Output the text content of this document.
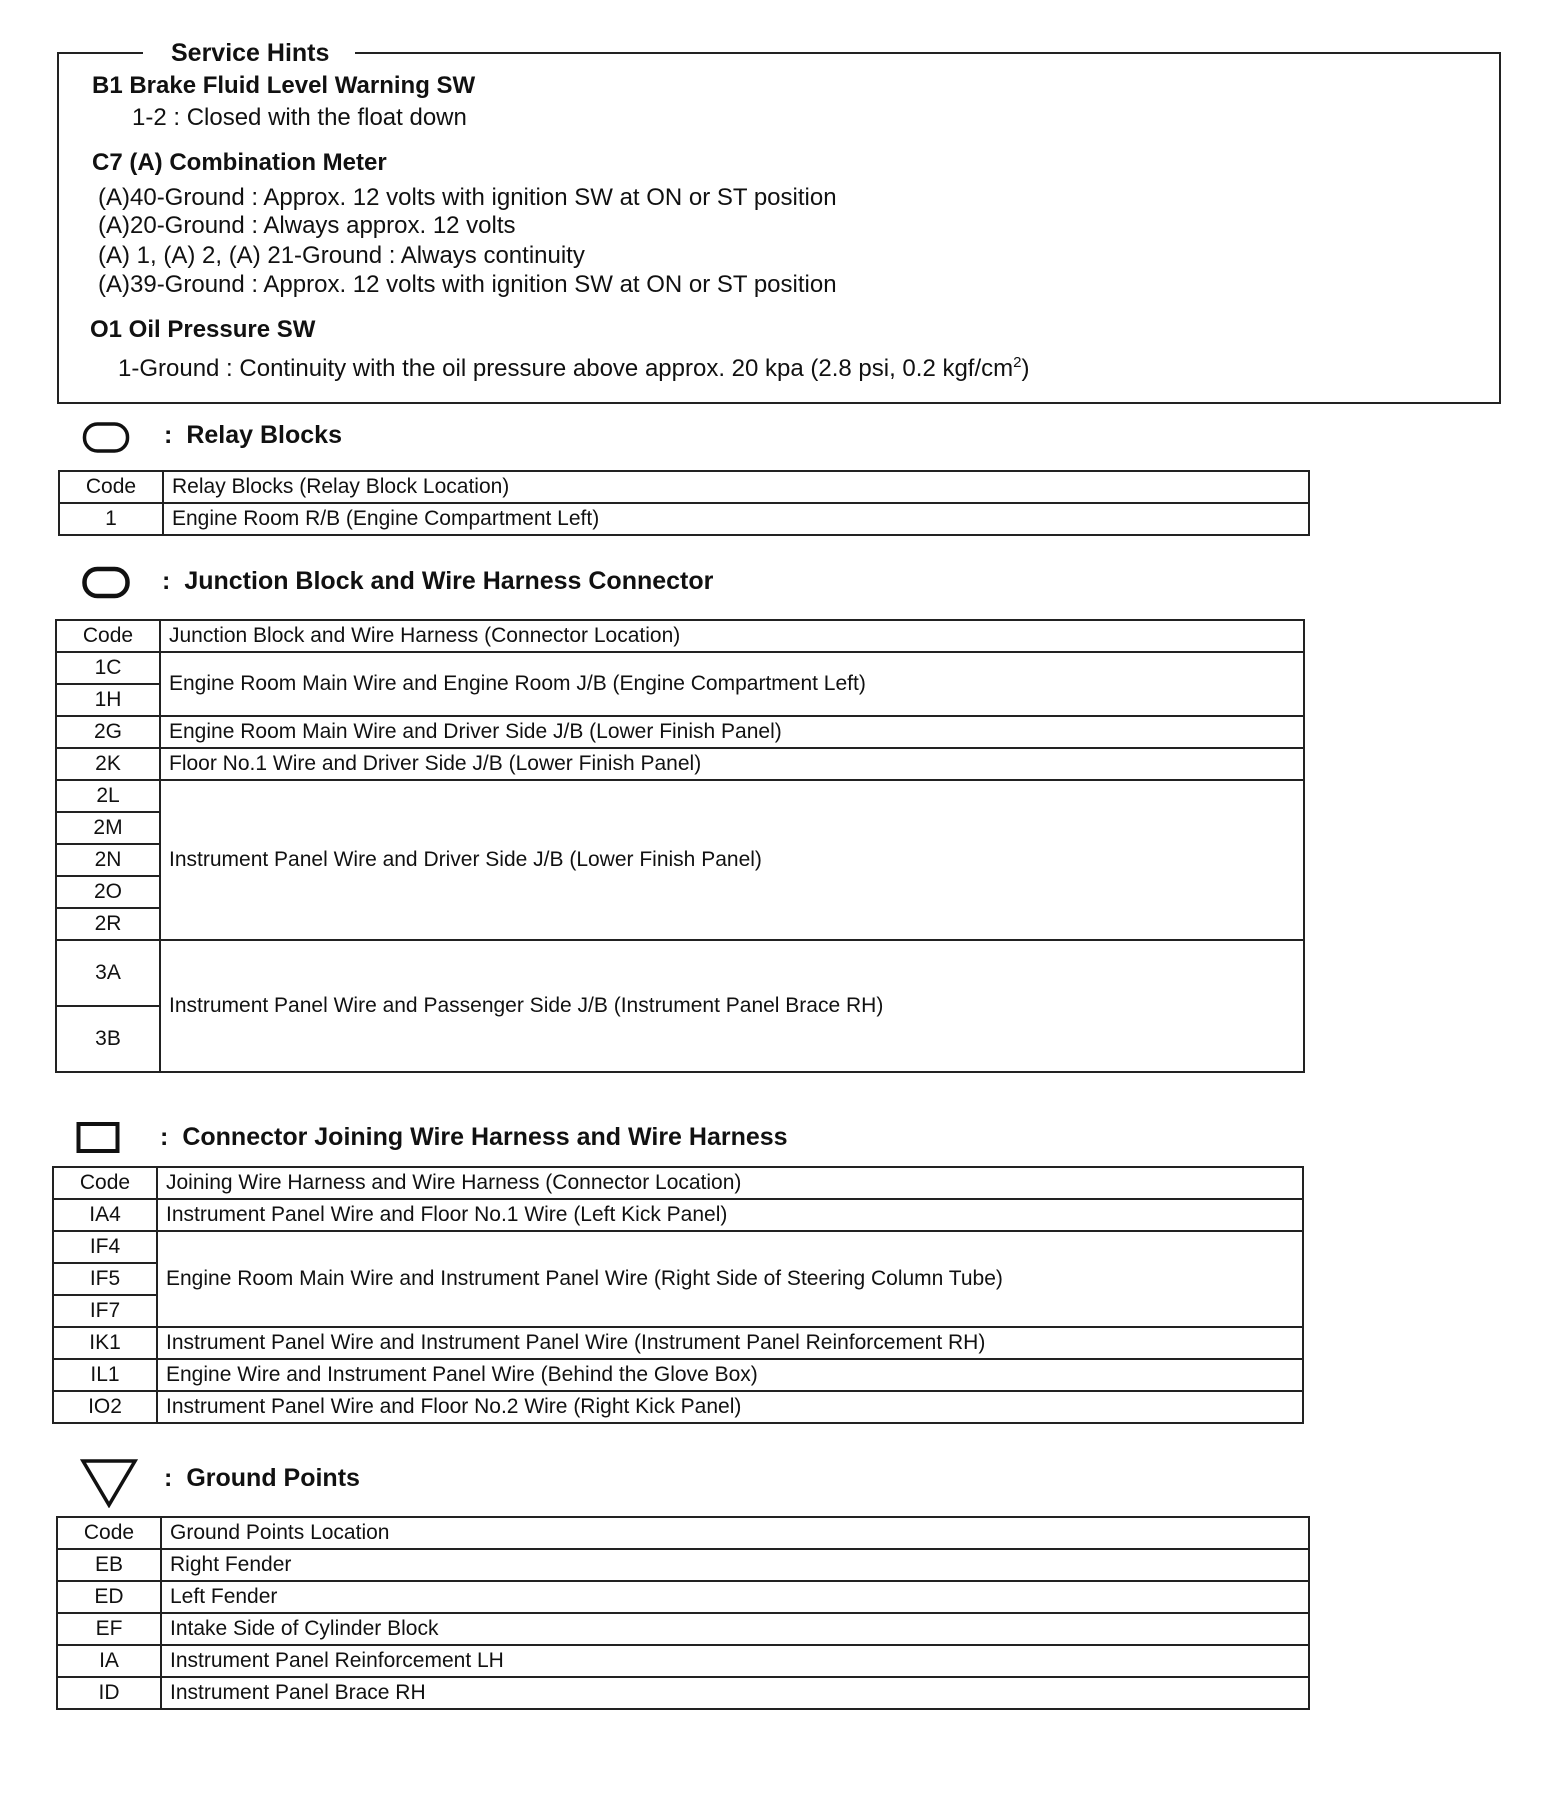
Service Hints
B1 Brake Fluid Level Warning SW
1-2 : Closed with the float down
C7 (A) Combination Meter
(A)40-Ground : Approx. 12 volts with ignition SW at ON or ST position
(A)20-Ground : Always approx. 12 volts
(A) 1, (A) 2, (A) 21-Ground : Always continuity
(A)39-Ground : Approx. 12 volts with ignition SW at ON or ST position
O1 Oil Pressure SW
1-Ground : Continuity with the oil pressure above approx. 20 kpa (2.8 psi, 0.2 kgf/$cm^2$)
: Relay Blocks
Code	Relay Blocks (Relay Block Location)
1	Engine Room R/B (Engine Compartment Left)
: Junction Block and Wire Harness Connector
Code	Junction Block and Wire Harness (Connector Location)
1C	Engine Room Main Wire and Engine Room J/B (Engine Compartment Left)
1H	
2G	Engine Room Main Wire and Driver Side J/B (Lower Finish Panel)
2K	Floor No.1 Wire and Driver Side J/B (Lower Finish Panel)
2L	Instrument Panel Wire and Driver Side J/B (Lower Finish Panel)
2M	
2N	
2O	
2R	
3A	Instrument Panel Wire and Passenger Side J/B (Instrument Panel Brace RH)
3B	
: Connector Joining Wire Harness and Wire Harness
Code	Joining Wire Harness and Wire Harness (Connector Location)
IA4	Instrument Panel Wire and Floor No.1 Wire (Left Kick Panel)
IF4	Engine Room Main Wire and Instrument Panel Wire (Right Side of Steering Column Tube)
IF5	
IF7	
IK1	Instrument Panel Wire and Instrument Panel Wire (Instrument Panel Reinforcement RH)
IL1	Engine Wire and Instrument Panel Wire (Behind the Glove Box)
IO2	Instrument Panel Wire and Floor No.2 Wire (Right Kick Panel)
: Ground Points
Code	Ground Points Location
EB	Right Fender
ED	Left Fender
EF	Intake Side of Cylinder Block
IA	Instrument Panel Reinforcement LH
ID	Instrument Panel Brace RH
